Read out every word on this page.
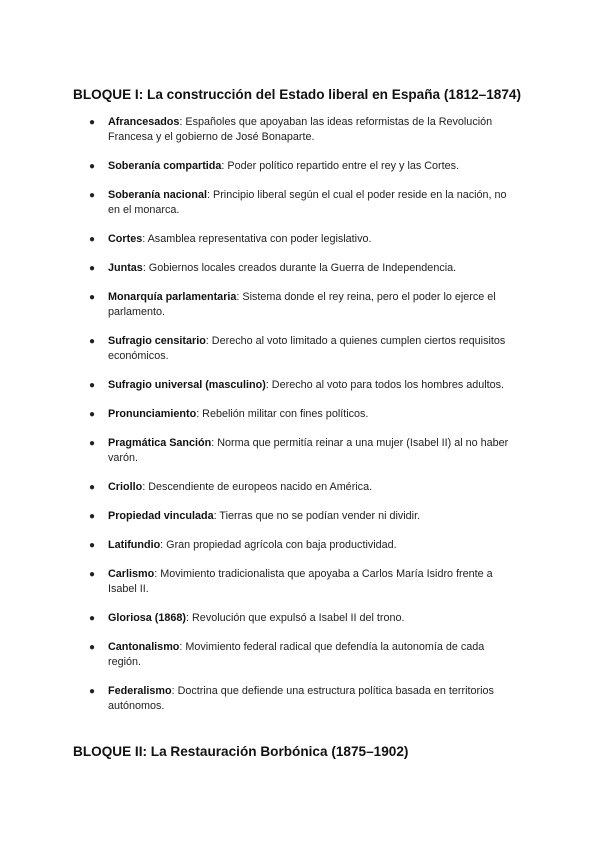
BLOQUE I: La construcción del Estado liberal en España (1812–1874)
● Afrancesados: Españoles que apoyaban las ideas reformistas de la Revolución Francesa y el gobierno de José Bonaparte.
● Soberanía compartida: Poder político repartido entre el rey y las Cortes.
● Soberanía nacional: Principio liberal según el cual el poder reside en la nación, no en el monarca.
● Cortes: Asamblea representativa con poder legislativo.
● Juntas: Gobiernos locales creados durante la Guerra de Independencia.
● Monarquía parlamentaria: Sistema donde el rey reina, pero el poder lo ejerce el parlamento.
● Sufragio censitario: Derecho al voto limitado a quienes cumplen ciertos requisitos económicos.
● Sufragio universal (masculino): Derecho al voto para todos los hombres adultos.
● Pronunciamiento: Rebelión militar con fines políticos.
● Pragmática Sanción: Norma que permitía reinar a una mujer (Isabel II) al no haber varón.
● Criollo: Descendiente de europeos nacido en América.
● Propiedad vinculada: Tierras que no se podían vender ni dividir.
● Latifundio: Gran propiedad agrícola con baja productividad.
● Carlismo: Movimiento tradicionalista que apoyaba a Carlos María Isidro frente a Isabel II.
● Gloriosa (1868): Revolución que expulsó a Isabel II del trono.
● Cantonalismo: Movimiento federal radical que defendía la autonomía de cada región.
● Federalismo: Doctrina que defiende una estructura política basada en territorios autónomos.
BLOQUE II: La Restauración Borbónica (1875–1902)
